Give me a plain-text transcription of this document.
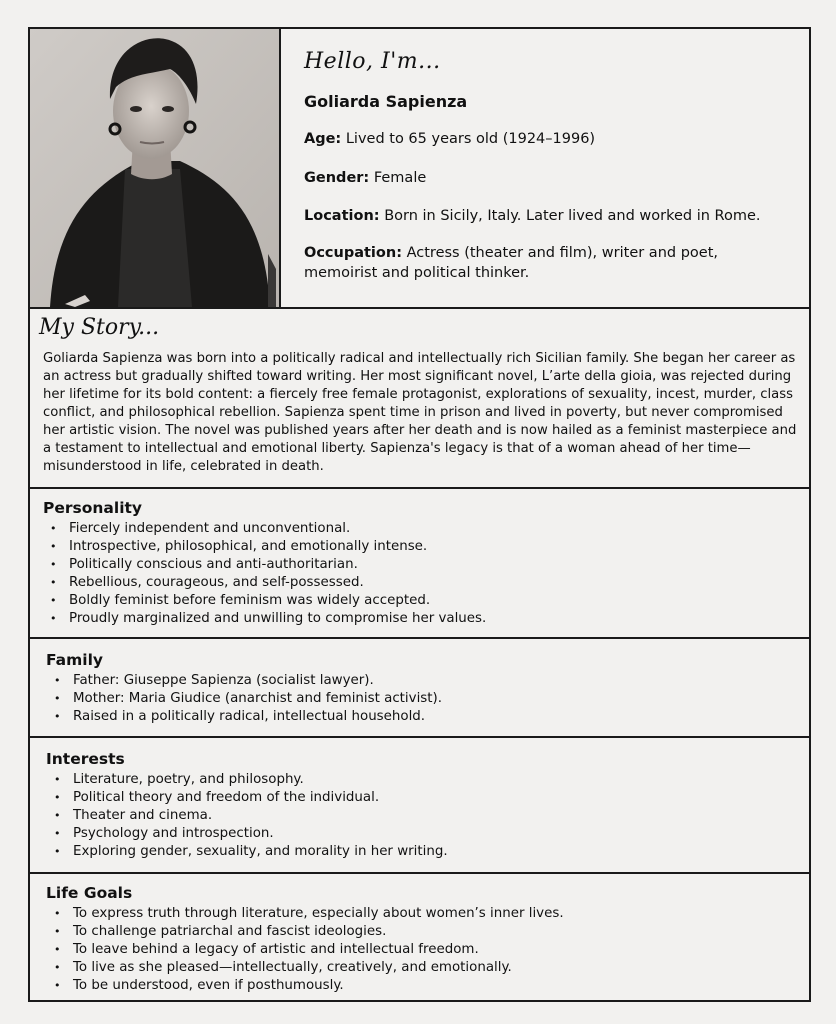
Hello, I'm...
Goliarda Sapienza
Age: Lived to 65 years old (1924–1996)
Gender: Female
Location: Born in Sicily, Italy. Later lived and worked in Rome.
Occupation: Actress (theater and film), writer and poet, memoirist and political thinker.
My Story...
Goliarda Sapienza was born into a politically radical and intellectually rich Sicilian family. She began her career as an actress but gradually shifted toward writing. Her most significant novel, L’arte della gioia, was rejected during her lifetime for its bold content: a fiercely free female protagonist, explorations of sexuality, incest, murder, class conflict, and philosophical rebellion. Sapienza spent time in prison and lived in poverty, but never compromised her artistic vision. The novel was published years after her death and is now hailed as a feminist masterpiece and a testament to intellectual and emotional liberty. Sapienza's legacy is that of a woman ahead of her time—misunderstood in life, celebrated in death.
Personality
• Fiercely independent and unconventional.
• Introspective, philosophical, and emotionally intense.
• Politically conscious and anti-authoritarian.
• Rebellious, courageous, and self-possessed.
• Boldly feminist before feminism was widely accepted.
• Proudly marginalized and unwilling to compromise her values.
Family
• Father: Giuseppe Sapienza (socialist lawyer).
• Mother: Maria Giudice (anarchist and feminist activist).
• Raised in a politically radical, intellectual household.
Interests
• Literature, poetry, and philosophy.
• Political theory and freedom of the individual.
• Theater and cinema.
• Psychology and introspection.
• Exploring gender, sexuality, and morality in her writing.
Life Goals
• To express truth through literature, especially about women’s inner lives.
• To challenge patriarchal and fascist ideologies.
• To leave behind a legacy of artistic and intellectual freedom.
• To live as she pleased—intellectually, creatively, and emotionally.
• To be understood, even if posthumously.
